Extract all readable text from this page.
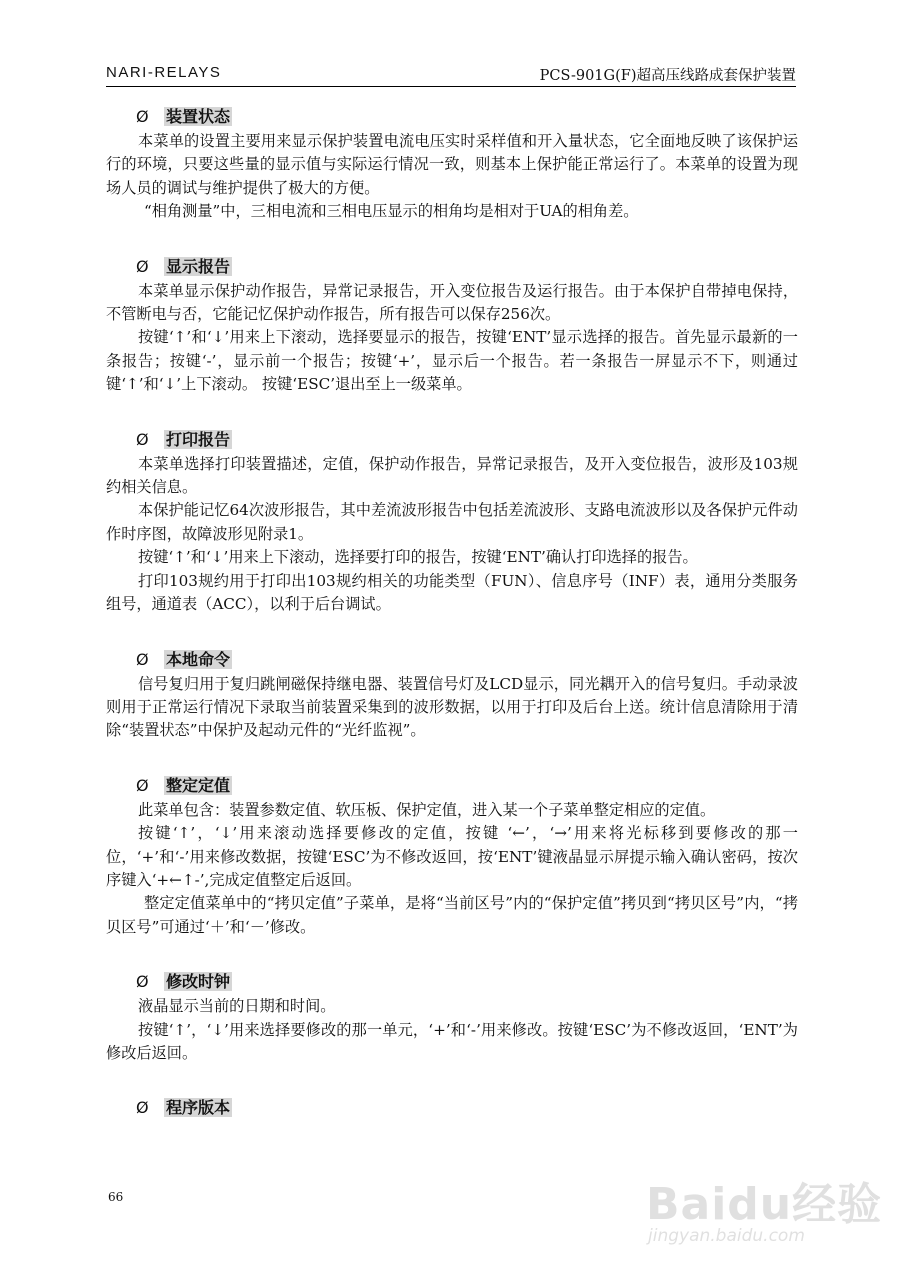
NARI-RELAYS	PCS-901G(F)超高压线路成套保护装置
Ø 装置状态

本菜单的设置主要用来显示保护装置电流电压实时采样值和开入量状态，它全面地反映了该保护运行的环境，只要这些量的显示值与实际运行情况一致，则基本上保护能正常运行了。本菜单的设置为现场人员的调试与维护提供了极大的方便。

“相角测量”中，三相电流和三相电压显示的相角均是相对于UA的相角差。

Ø 显示报告

本菜单显示保护动作报告，异常记录报告，开入变位报告及运行报告。由于本保护自带掉电保持，不管断电与否，它能记忆保护动作报告，所有报告可以保存256次。

按键‘↑’和‘↓’用来上下滚动，选择要显示的报告，按键‘ENT’显示选择的报告。首先显示最新的一条报告；按键‘-’，显示前一个报告；按键‘+’，显示后一个报告。若一条报告一屏显示不下，则通过键‘↑’和‘↓’上下滚动。 按键‘ESC’退出至上一级菜单。

Ø 打印报告

本菜单选择打印装置描述，定值，保护动作报告，异常记录报告，及开入变位报告，波形及103规约相关信息。

本保护能记忆64次波形报告，其中差流波形报告中包括差流波形、支路电流波形以及各保护元件动作时序图，故障波形见附录1。

按键‘↑’和‘↓’用来上下滚动，选择要打印的报告，按键‘ENT’确认打印选择的报告。

打印103规约用于打印出103规约相关的功能类型（FUN）、信息序号（INF）表，通用分类服务组号，通道表（ACC），以利于后台调试。

Ø 本地命令

信号复归用于复归跳闸磁保持继电器、装置信号灯及LCD显示，同光耦开入的信号复归。手动录波则用于正常运行情况下录取当前装置采集到的波形数据，以用于打印及后台上送。统计信息清除用于清除“装置状态”中保护及起动元件的“光纤监视”。

Ø 整定定值

此菜单包含：装置参数定值、软压板、保护定值，进入某一个子菜单整定相应的定值。

按键‘↑’，‘↓’用来滚动选择要修改的定值，按键 ‘←’，‘→’用来将光标移到要修改的那一位，‘+’和‘-’用来修改数据，按键‘ESC’为不修改返回，按‘ENT’键液晶显示屏提示输入确认密码，按次序键入‘+←↑-’,完成定值整定后返回。

整定定值菜单中的“拷贝定值”子菜单，是将“当前区号”内的“保护定值”拷贝到“拷贝区号”内，“拷贝区号”可通过‘＋’和‘－’修改。

Ø 修改时钟

液晶显示当前的日期和时间。

按键‘↑’，‘↓’用来选择要修改的那一单元，‘+’和‘-’用来修改。按键‘ESC’为不修改返回，‘ENT’为修改后返回。

Ø 程序版本
66	Baidu经验
jingyan.baidu.com
